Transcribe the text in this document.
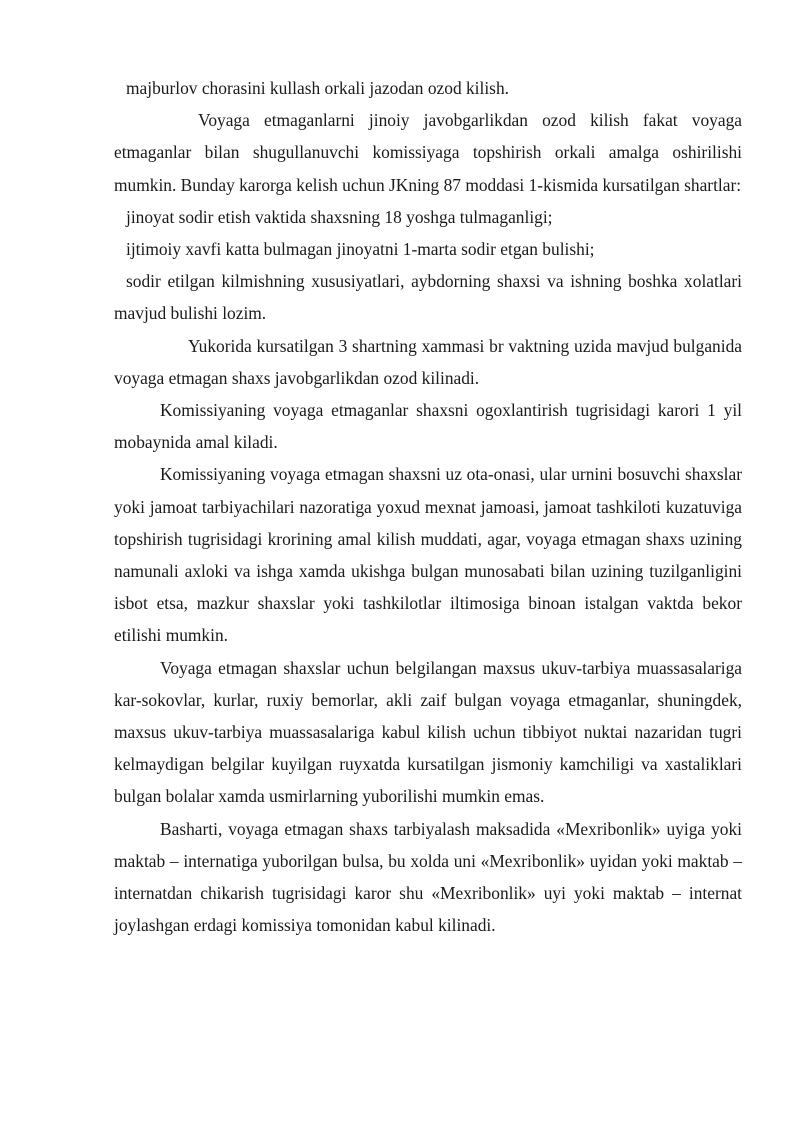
majburlov chorasini kullash orkali jazodan ozod kilish.

Voyaga etmaganlarni jinoiy javobgarlikdan ozod kilish fakat voyaga etmaganlar bilan shugullanuvchi komissiyaga topshirish orkali amalga oshirilishi mumkin. Bunday karorga kelish uchun JKning 87 moddasi 1-kismida kursatilgan shartlar:

jinoyat sodir etish vaktida shaxsning 18 yoshga tulmaganligi;

ijtimoiy xavfi katta bulmagan jinoyatni 1-marta sodir etgan bulishi;

sodir etilgan kilmishning xususiyatlari, aybdorning shaxsi va ishning boshka xolatlari mavjud bulishi lozim.

Yukorida kursatilgan 3 shartning xammasi br vaktning uzida mavjud bulganida voyaga etmagan shaxs javobgarlikdan ozod kilinadi.

Komissiyaning voyaga etmaganlar shaxsni ogoxlantirish tugrisidagi karori 1 yil mobaynida amal kiladi.

Komissiyaning voyaga etmagan shaxsni uz ota-onasi, ular urnini bosuvchi shaxslar yoki jamoat tarbiyachilari nazoratiga yoxud mexnat jamoasi, jamoat tashkiloti kuzatuviga topshirish tugrisidagi krorining amal kilish muddati, agar, voyaga etmagan shaxs uzining namunali axloki va ishga xamda ukishga bulgan munosabati bilan uzining tuzilganligini isbot etsa, mazkur shaxslar yoki tashkilotlar iltimosiga binoan istalgan vaktda bekor etilishi mumkin.

Voyaga etmagan shaxslar uchun belgilangan maxsus ukuv-tarbiya muassasalariga kar-sokovlar, kurlar, ruxiy bemorlar, akli zaif bulgan voyaga etmaganlar, shuningdek, maxsus ukuv-tarbiya muassasalariga kabul kilish uchun tibbiyot nuktai nazaridan tugri kelmaydigan belgilar kuyilgan ruyxatda kursatilgan jismoniy kamchiligi va xastaliklari bulgan bolalar xamda usmirlarning yuborilishi mumkin emas.

Basharti, voyaga etmagan shaxs tarbiyalash maksadida «Mexribonlik» uyiga yoki maktab – internatiga yuborilgan bulsa, bu xolda uni «Mexribonlik» uyidan yoki maktab – internatdan chikarish tugrisidagi karor shu «Mexribonlik» uyi yoki maktab – internat joylashgan erdagi komissiya tomonidan kabul kilinadi.
